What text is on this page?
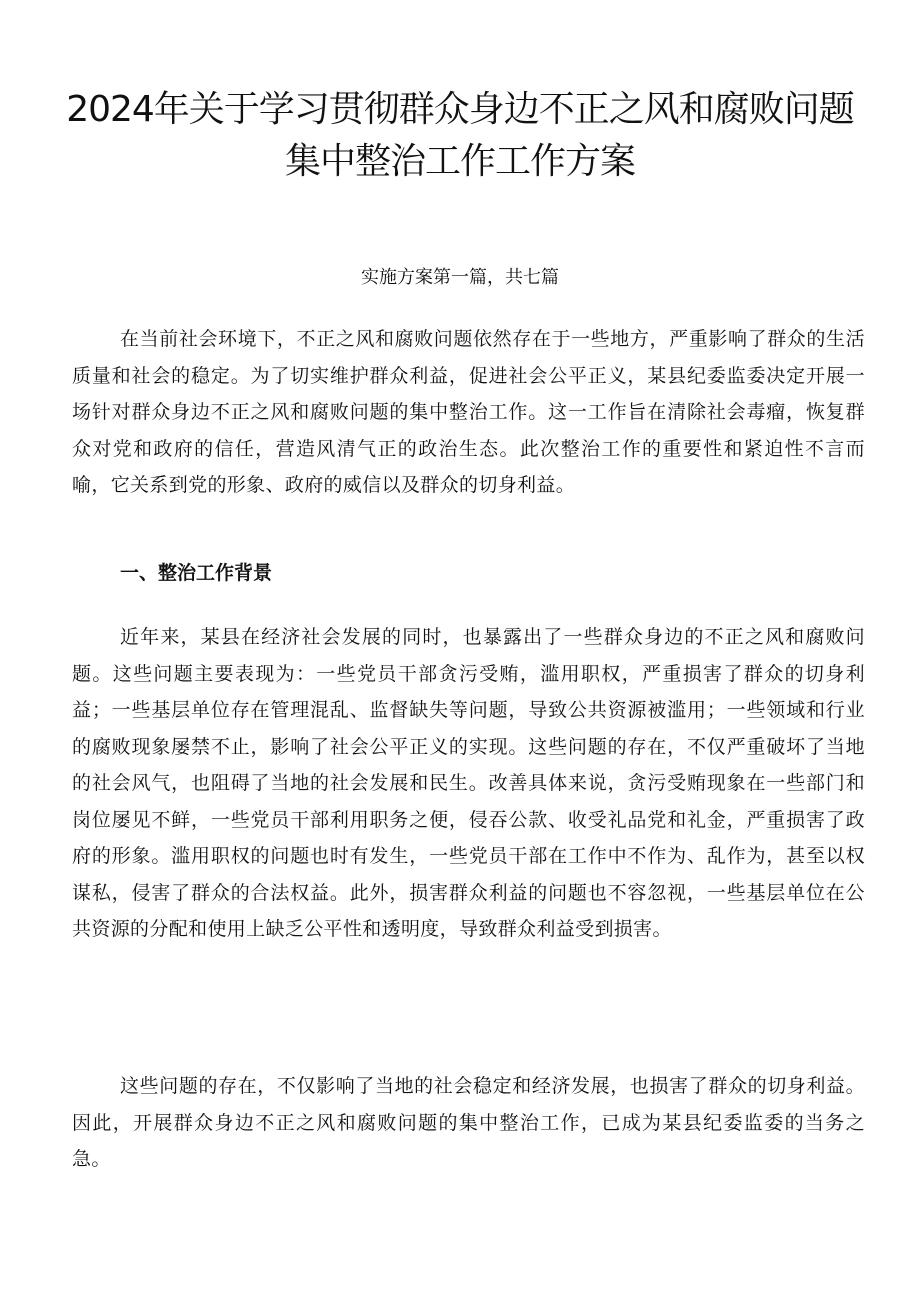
2024年关于学习贯彻群众身边不正之风和腐败问题
集中整治工作工作方案

实施方案第一篇，共七篇

在当前社会环境下，不正之风和腐败问题依然存在于一些地方，严重影响了群众的生活质量和社会的稳定。为了切实维护群众利益，促进社会公平正义，某县纪委监委决定开展一场针对群众身边不正之风和腐败问题的集中整治工作。这一工作旨在清除社会毒瘤，恢复群众对党和政府的信任，营造风清气正的政治生态。此次整治工作的重要性和紧迫性不言而喻，它关系到党的形象、政府的威信以及群众的切身利益。

一、整治工作背景

近年来，某县在经济社会发展的同时，也暴露出了一些群众身边的不正之风和腐败问题。这些问题主要表现为：一些党员干部贪污受贿，滥用职权，严重损害了群众的切身利益；一些基层单位存在管理混乱、监督缺失等问题，导致公共资源被滥用；一些领域和行业的腐败现象屡禁不止，影响了社会公平正义的实现。这些问题的存在，不仅严重破坏了当地的社会风气，也阻碍了当地的社会发展和民生。改善具体来说，贪污受贿现象在一些部门和岗位屡见不鲜，一些党员干部利用职务之便，侵吞公款、收受礼品党和礼金，严重损害了政府的形象。滥用职权的问题也时有发生，一些党员干部在工作中不作为、乱作为，甚至以权谋私，侵害了群众的合法权益。此外，损害群众利益的问题也不容忽视，一些基层单位在公共资源的分配和使用上缺乏公平性和透明度，导致群众利益受到损害。

这些问题的存在，不仅影响了当地的社会稳定和经济发展，也损害了群众的切身利益。因此，开展群众身边不正之风和腐败问题的集中整治工作，已成为某县纪委监委的当务之急。
